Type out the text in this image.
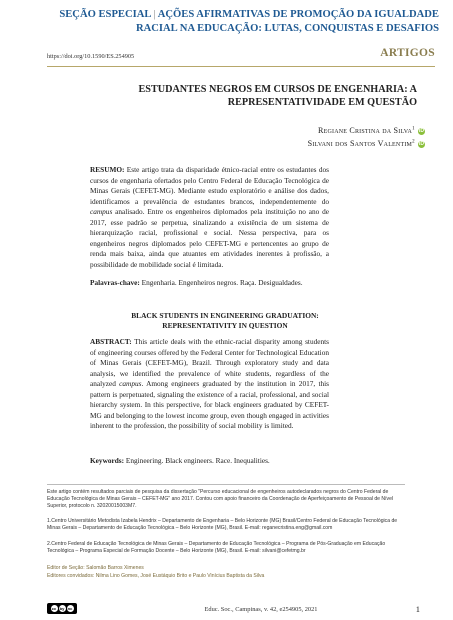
SEÇÃO ESPECIAL | AÇÕES AFIRMATIVAS DE PROMOÇÃO DA IGUALDADE
RACIAL NA EDUCAÇÃO: LUTAS, CONQUISTAS E DESAFIOS
https://doi.org/10.1590/ES.254905	ARTIGOS
ESTUDANTES NEGROS EM CURSOS DE ENGENHARIA: A
REPRESENTATIVIDADE EM QUESTÃO
Regiane Cristina da Silva$^1$ iD
Silvani dos Santos Valentim$^2$ iD
RESUMO: Este artigo trata da disparidade étnico-racial entre os estudantes dos cursos de engenharia ofertados pelo Centro Federal de Educação Tecnológica de Minas Gerais (CEFET-MG). Mediante estudo exploratório e análise dos dados, identificamos a prevalência de estudantes brancos, independentemente do campus analisado. Entre os engenheiros diplomados pela instituição no ano de 2017, esse padrão se perpetua, sinalizando a existência de um sistema de hierarquização racial, profissional e social. Nessa perspectiva, para os engenheiros negros diplomados pelo CEFET-MG e pertencentes ao grupo de renda mais baixa, ainda que atuantes em atividades inerentes à profissão, a possibilidade de mobilidade social é limitada.
Palavras-chave: Engenharia. Engenheiros negros. Raça. Desigualdades.
BLACK STUDENTS IN ENGINEERING GRADUATION:
REPRESENTATIVITY IN QUESTION
ABSTRACT: This article deals with the ethnic-racial disparity among students of engineering courses offered by the Federal Center for Technological Education of Minas Gerais (CEFET-MG), Brazil. Through exploratory study and data analysis, we identified the prevalence of white students, regardless of the analyzed campus. Among engineers graduated by the institution in 2017, this pattern is perpetuated, signaling the existence of a racial, professional, and social hierarchy system. In this perspective, for black engineers graduated by CEFET-MG and belonging to the lowest income group, even though engaged in activities inherent to the profession, the possibility of social mobility is limited.
Keywords: Engineering. Black engineers. Race. Inequalities.
Este artigo contém resultados parciais de pesquisa da dissertação "Percurso educacional de engenheiros autodeclarados negros do Centro Federal de Educação Tecnológica de Minas Gerais – CEFET-MG" ano 2017. Contou com apoio financeiro da Coordenação de Aperfeiçoamento de Pessoal de Nível Superior, protocolo n. 32020015003M7.
1.Centro Universitário Metodista Izabela Hendrix – Departamento de Engenharia – Belo Horizonte (MG) Brasil/Centro Federal de Educação Tecnológica de Minas Gerais – Departamento de Educação Tecnológica – Belo Horizonte (MG), Brasil. E-mail: reganecristina.eng@gmail.com
2.Centro Federal de Educação Tecnológica de Minas Gerais – Departamento de Educação Tecnológica – Programa de Pós-Graduação em Educação Tecnológica – Programa Especial de Formação Docente – Belo Horizonte (MG), Brasil. E-mail: silvani@cefetmg.br
Editor de Seção: Salomão Barros Ximenes
Editores convidados: Nilma Lino Gomes, José Eustáquio Brito e Paulo Vinícius Baptista da Silva
cc by nc	Educ. Soc., Campinas, v. 42, e254905, 2021	1
